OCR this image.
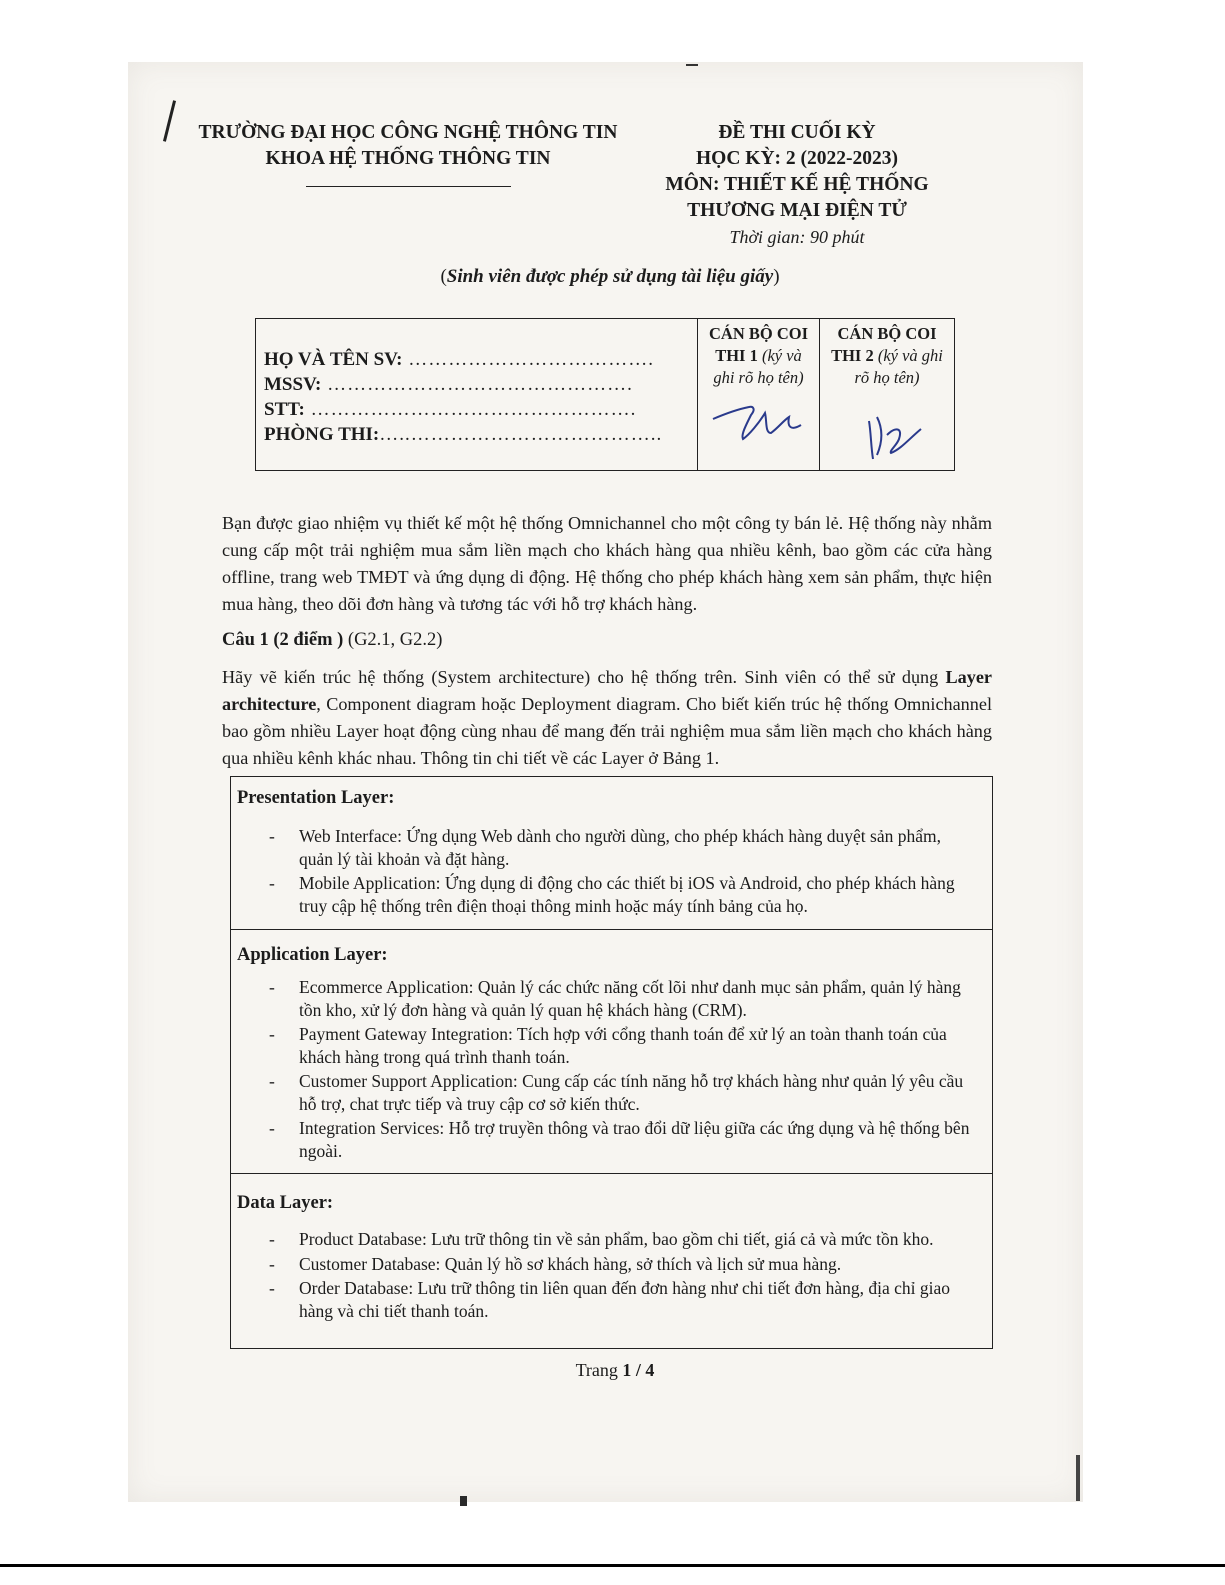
TRƯỜNG ĐẠI HỌC CÔNG NGHỆ THÔNG TIN
KHOA HỆ THỐNG THÔNG TIN
ĐỀ THI CUỐI KỲ
HỌC KỲ: 2 (2022-2023)
MÔN: THIẾT KẾ HỆ THỐNG
THƯƠNG MẠI ĐIỆN TỬ
Thời gian: 90 phút
(Sinh viên được phép sử dụng tài liệu giấy)
HỌ VÀ TÊN SV: ……………………………….
MSSV: ……………………………………….
STT: ………………………………………….
PHÒNG THI:…..………………………………..
CÁN BỘ COI
THI 1 (ký và
ghi rõ họ tên)
CÁN BỘ COI
THI 2 (ký và ghi
rõ họ tên)
Bạn được giao nhiệm vụ thiết kế một hệ thống Omnichannel cho một công ty bán lẻ. Hệ thống này nhằm cung cấp một trải nghiệm mua sắm liền mạch cho khách hàng qua nhiều kênh, bao gồm các cửa hàng offline, trang web TMĐT và ứng dụng di động. Hệ thống cho phép khách hàng xem sản phẩm, thực hiện mua hàng, theo dõi đơn hàng và tương tác với hỗ trợ khách hàng.
Câu 1 (2 điểm ) (G2.1, G2.2)
Hãy vẽ kiến trúc hệ thống (System architecture) cho hệ thống trên. Sinh viên có thể sử dụng Layer architecture, Component diagram hoặc Deployment diagram. Cho biết kiến trúc hệ thống Omnichannel bao gồm nhiều Layer hoạt động cùng nhau để mang đến trải nghiệm mua sắm liền mạch cho khách hàng qua nhiều kênh khác nhau. Thông tin chi tiết về các Layer ở Bảng 1.
Presentation Layer:
- Web Interface: Ứng dụng Web dành cho người dùng, cho phép khách hàng duyệt sản phẩm, quản lý tài khoản và đặt hàng.
- Mobile Application: Ứng dụng di động cho các thiết bị iOS và Android, cho phép khách hàng truy cập hệ thống trên điện thoại thông minh hoặc máy tính bảng của họ.
Application Layer:
- Ecommerce Application: Quản lý các chức năng cốt lõi như danh mục sản phẩm, quản lý hàng tồn kho, xử lý đơn hàng và quản lý quan hệ khách hàng (CRM).
- Payment Gateway Integration: Tích hợp với cổng thanh toán để xử lý an toàn thanh toán của khách hàng trong quá trình thanh toán.
- Customer Support Application: Cung cấp các tính năng hỗ trợ khách hàng như quản lý yêu cầu hỗ trợ, chat trực tiếp và truy cập cơ sở kiến thức.
- Integration Services: Hỗ trợ truyền thông và trao đổi dữ liệu giữa các ứng dụng và hệ thống bên ngoài.
Data Layer:
- Product Database: Lưu trữ thông tin về sản phẩm, bao gồm chi tiết, giá cả và mức tồn kho.
- Customer Database: Quản lý hồ sơ khách hàng, sở thích và lịch sử mua hàng.
- Order Database: Lưu trữ thông tin liên quan đến đơn hàng như chi tiết đơn hàng, địa chỉ giao hàng và chi tiết thanh toán.
Trang 1 / 4
